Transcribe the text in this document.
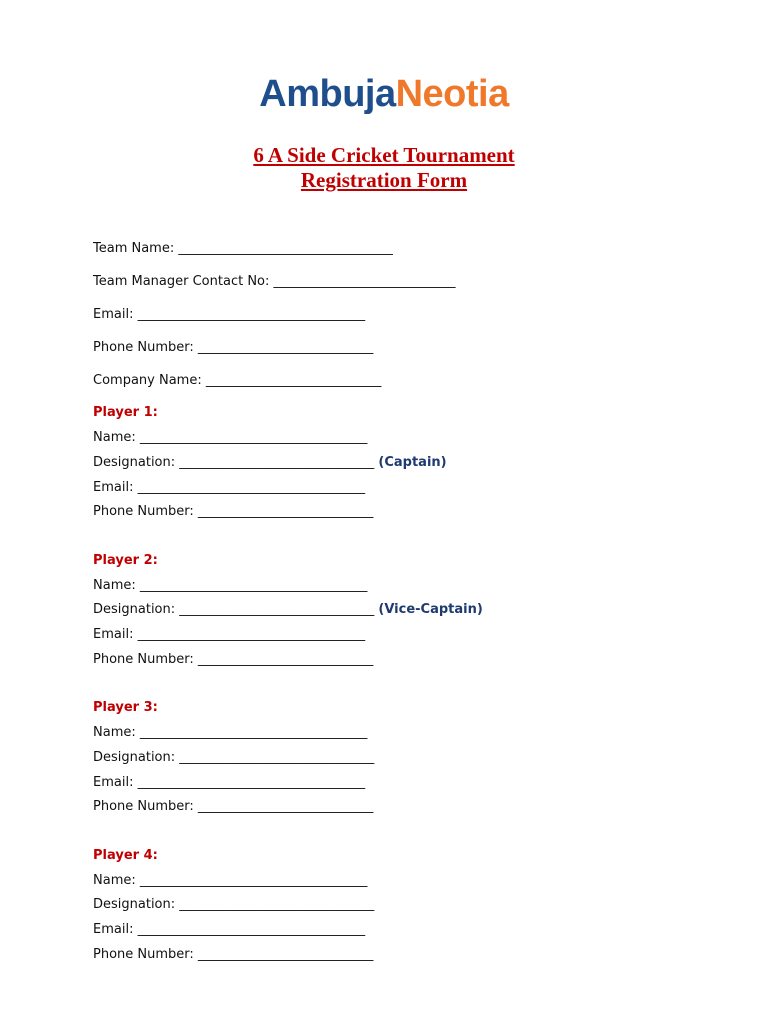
AmbujaNeotia
6 A Side Cricket Tournament
Registration Form
Team Name: _________________________________
Team Manager Contact No: ____________________________
Email: ___________________________________
Phone Number: ___________________________
Company Name: ___________________________
Player 1:
Name: ___________________________________
Designation: ______________________________ (Captain)
Email: ___________________________________
Phone Number: ___________________________
Player 2:
Name: ___________________________________
Designation: ______________________________ (Vice-Captain)
Email: ___________________________________
Phone Number: ___________________________
Player 3:
Name: ___________________________________
Designation: ______________________________
Email: ___________________________________
Phone Number: ___________________________
Player 4:
Name: ___________________________________
Designation: ______________________________
Email: ___________________________________
Phone Number: ___________________________
